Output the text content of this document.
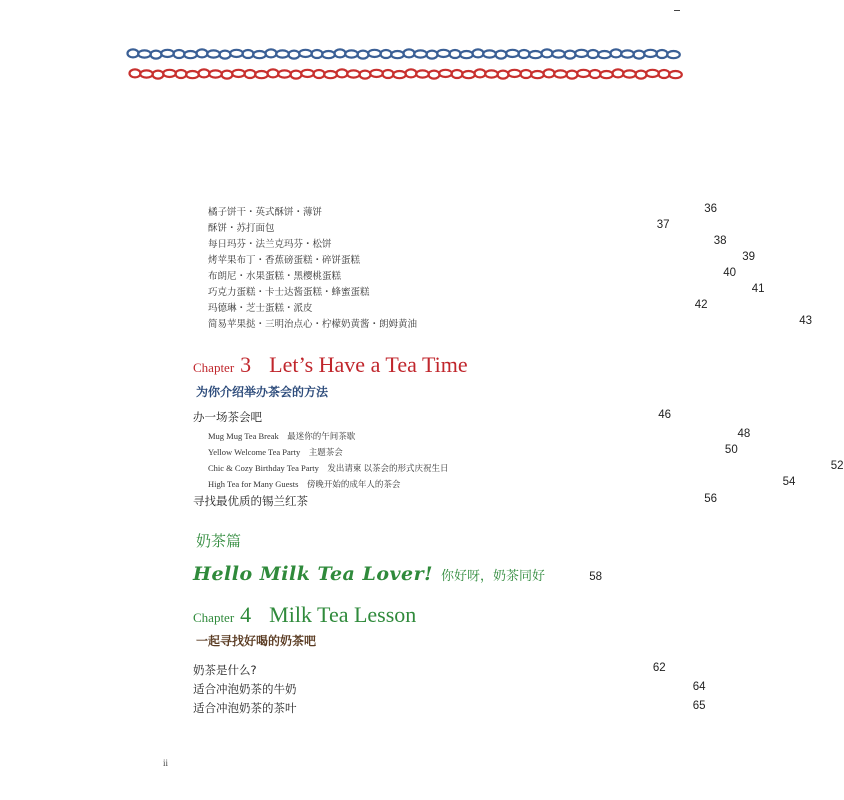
橘子饼干・英式酥饼・薄饼	36
酥饼・苏打面包	37
每日玛芬・法兰克玛芬・松饼	38
烤苹果布丁・香蕉磅蛋糕・碎饼蛋糕	39
布朗尼・水果蛋糕・黑樱桃蛋糕	40
巧克力蛋糕・卡士达酱蛋糕・蜂蜜蛋糕	41
玛德琳・芝士蛋糕・派皮	42
简易苹果挞・三明治点心・柠檬奶黄酱・朗姆黄油	43
Chapter 3 Let’s Have a Tea Time
为你介绍举办茶会的方法
办一场茶会吧	46
Mug Mug Tea Break　最迷你的午间茶歇	48
Yellow Welcome Tea Party　主题茶会	50
Chic & Cozy Birthday Tea Party　发出请柬 以茶会的形式庆祝生日	52
High Tea for Many Guests　傍晚开始的成年人的茶会	54
寻找最优质的锡兰红茶	56
奶茶篇
Hello Milk Tea Lover! 你好呀，奶茶同好	58
Chapter 4 Milk Tea Lesson
一起寻找好喝的奶茶吧
奶茶是什么?	62
适合冲泡奶茶的牛奶	64
适合冲泡奶茶的茶叶	65
ii
